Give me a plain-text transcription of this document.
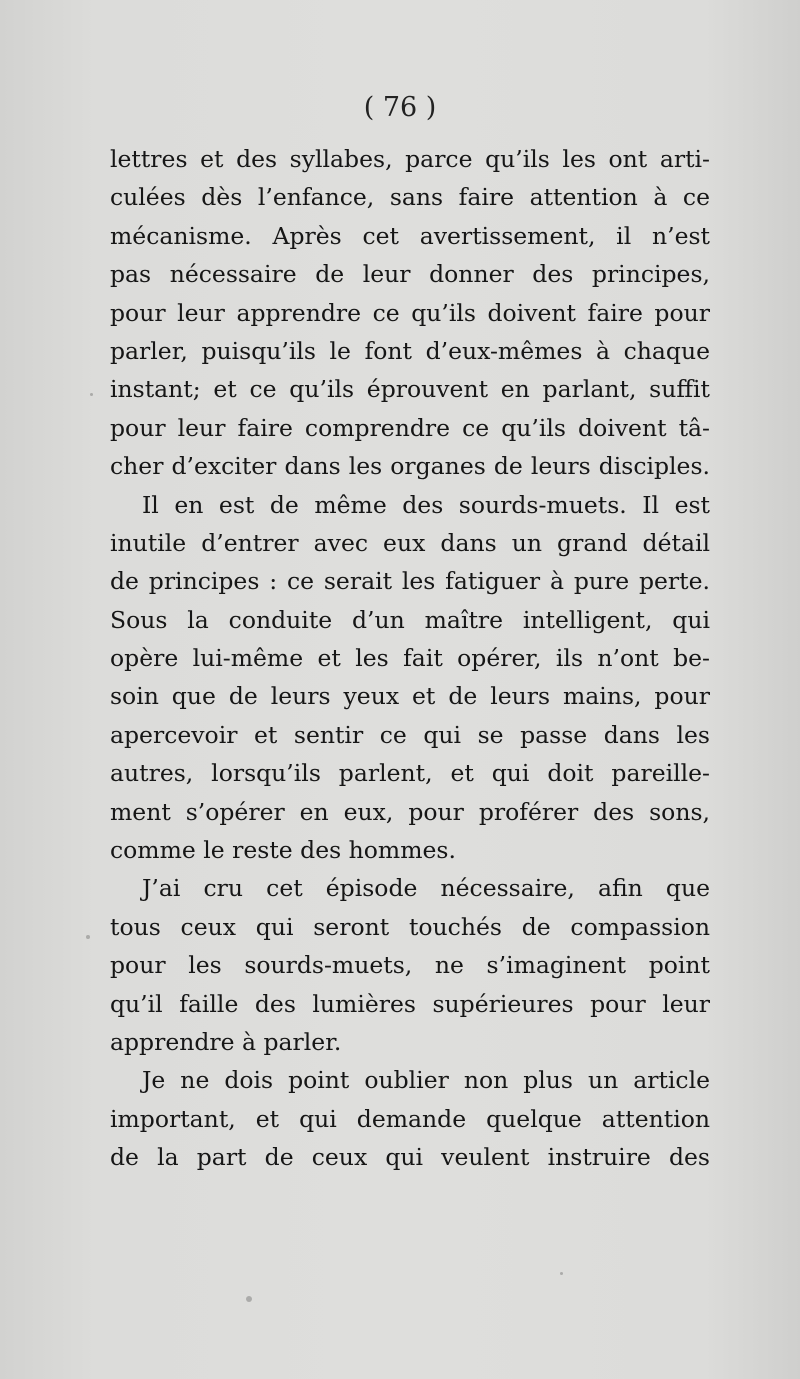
( 76 )
lettres et des syllabes, parce qu’ils les ont arti-
culées dès l’enfance, sans faire attention à ce
mécanisme. Après cet avertissement, il n’est
pas nécessaire de leur donner des principes,
pour leur apprendre ce qu’ils doivent faire pour
parler, puisqu’ils le font d’eux-mêmes à chaque
instant; et ce qu’ils éprouvent en parlant, suffit
pour leur faire comprendre ce qu’ils doivent tâ-
cher d’exciter dans les organes de leurs disciples.
Il en est de même des sourds-muets. Il est
inutile d’entrer avec eux dans un grand détail
de principes : ce serait les fatiguer à pure perte.
Sous la conduite d’un maître intelligent, qui
opère lui-même et les fait opérer, ils n’ont be-
soin que de leurs yeux et de leurs mains, pour
apercevoir et sentir ce qui se passe dans les
autres, lorsqu’ils parlent, et qui doit pareille-
ment s’opérer en eux, pour proférer des sons,
comme le reste des hommes.
J’ai cru cet épisode nécessaire, afin que
tous ceux qui seront touchés de compassion
pour les sourds-muets, ne s’imaginent point
qu’il faille des lumières supérieures pour leur
apprendre à parler.
Je ne dois point oublier non plus un article
important, et qui demande quelque attention
de la part de ceux qui veulent instruire des
